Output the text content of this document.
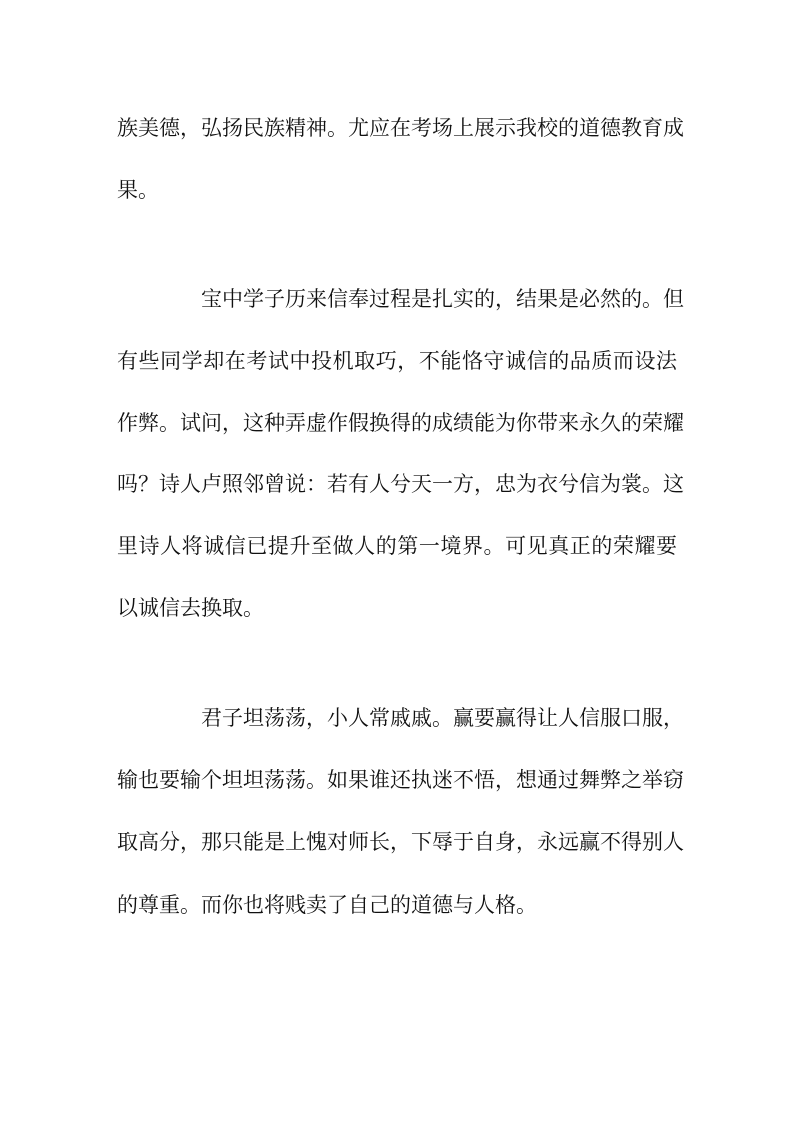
族美德，弘扬民族精神。尤应在考场上展示我校的道德教育成
果。
宝中学子历来信奉过程是扎实的，结果是必然的。但
有些同学却在考试中投机取巧，不能恪守诚信的品质而设法
作弊。试问，这种弄虚作假换得的成绩能为你带来永久的荣耀
吗？诗人卢照邻曾说：若有人兮天一方，忠为衣兮信为裳。这
里诗人将诚信已提升至做人的第一境界。可见真正的荣耀要
以诚信去换取。
君子坦荡荡，小人常戚戚。赢要赢得让人信服口服，
输也要输个坦坦荡荡。如果谁还执迷不悟，想通过舞弊之举窃
取高分，那只能是上愧对师长，下辱于自身，永远赢不得别人
的尊重。而你也将贱卖了自己的道德与人格。
